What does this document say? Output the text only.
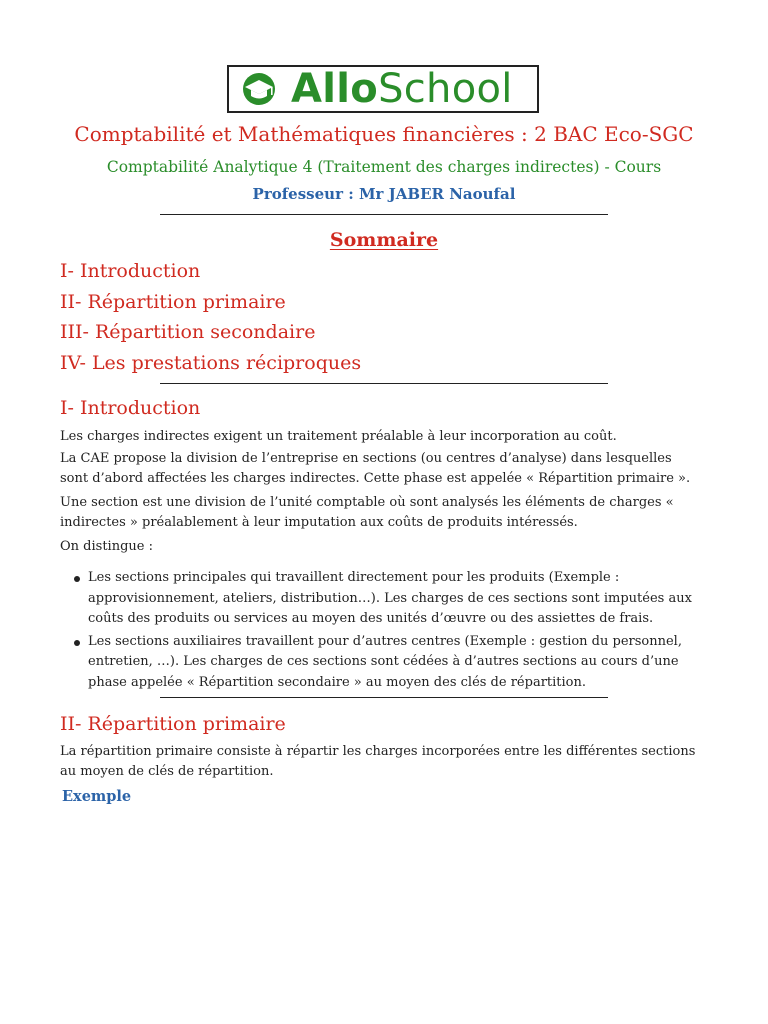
AlloSchool
Comptabilité et Mathématiques financières : 2 BAC Eco-SGC
Comptabilité Analytique 4 (Traitement des charges indirectes) - Cours
Professeur : Mr JABER Naoufal
Sommaire
I- Introduction
II- Répartition primaire
III- Répartition secondaire
IV- Les prestations réciproques
I- Introduction
Les charges indirectes exigent un traitement préalable à leur incorporation au coût.
La CAE propose la division de l’entreprise en sections (ou centres d’analyse) dans lesquelles sont d’abord affectées les charges indirectes. Cette phase est appelée « Répartition primaire ».
Une section est une division de l’unité comptable où sont analysés les éléments de charges « indirectes » préalablement à leur imputation aux coûts de produits intéressés.
On distingue :
Les sections principales qui travaillent directement pour les produits (Exemple : approvisionnement, ateliers, distribution…). Les charges de ces sections sont imputées aux coûts des produits ou services au moyen des unités d’œuvre ou des assiettes de frais.
Les sections auxiliaires travaillent pour d’autres centres (Exemple : gestion du personnel, entretien, …). Les charges de ces sections sont cédées à d’autres sections au cours d’une phase appelée « Répartition secondaire » au moyen des clés de répartition.
II- Répartition primaire
La répartition primaire consiste à répartir les charges incorporées entre les différentes sections au moyen de clés de répartition.
Exemple
